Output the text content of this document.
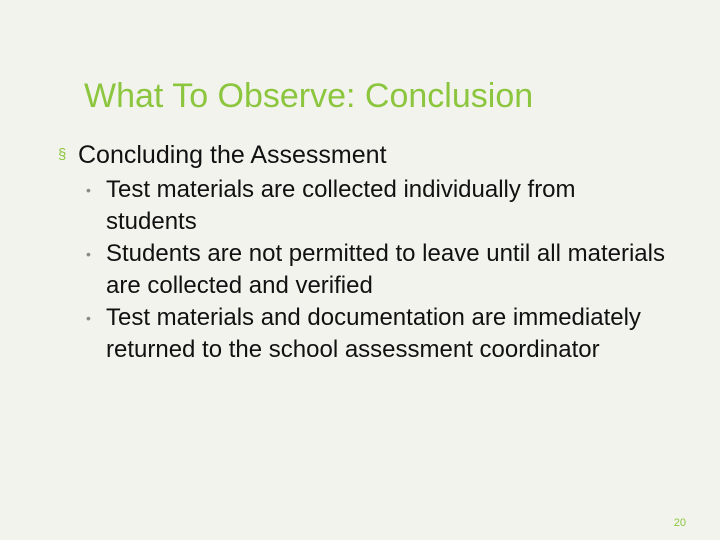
What To Observe: Conclusion
§ Concluding the Assessment
• Test materials are collected individually from students
• Students are not permitted to leave until all materials are collected and verified
• Test materials and documentation are immediately returned to the school assessment coordinator
20
